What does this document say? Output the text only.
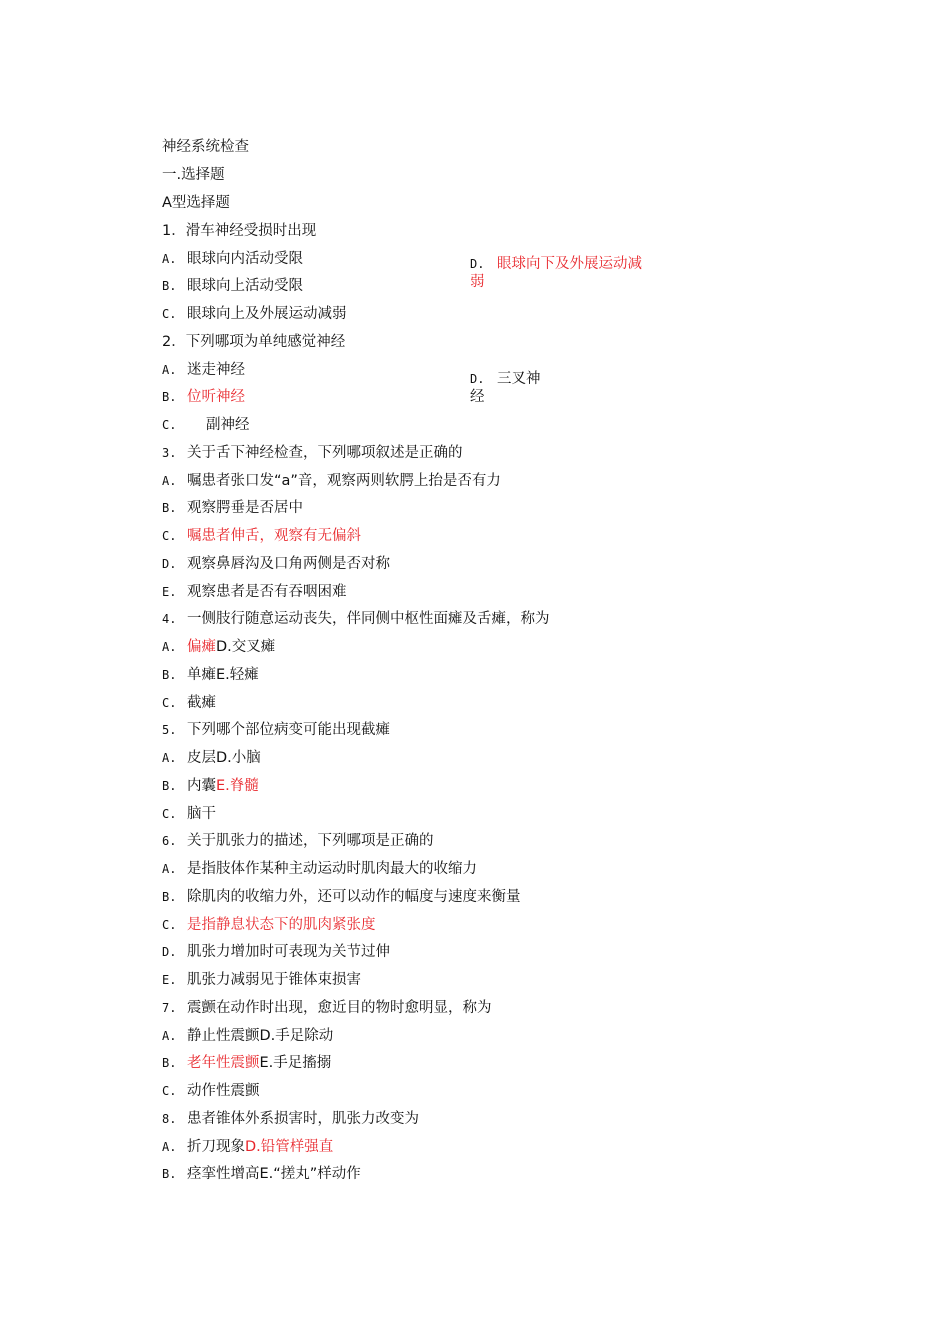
神经系统检查
一.选择题
A型选择题
1．滑车神经受损时出现
A. 眼球向内活动受限
B. 眼球向上活动受限
C. 眼球向上及外展运动减弱
D. 眼球向下及外展运动减
弱
2．下列哪项为单纯感觉神经
A. 迷走神经
B. 位听神经
C. 副神经
D. 三叉神
经
3. 关于舌下神经检查，下列哪项叙述是正确的
A. 嘱患者张口发“a”音，观察两则软腭上抬是否有力
B. 观察腭垂是否居中
C. 嘱患者伸舌，观察有无偏斜
D. 观察鼻唇沟及口角两侧是否对称
E. 观察患者是否有吞咽困难
4. 一侧肢行随意运动丧失，伴同侧中枢性面瘫及舌瘫，称为
A. 偏瘫D.交叉瘫
B. 单瘫E.轻瘫
C. 截瘫
5. 下列哪个部位病变可能出现截瘫
A. 皮层D.小脑
B. 内囊E.脊髓
C. 脑干
6. 关于肌张力的描述，下列哪项是正确的
A. 是指肢体作某种主动运动时肌肉最大的收缩力
B. 除肌肉的收缩力外，还可以动作的幅度与速度来衡量
C. 是指静息状态下的肌肉紧张度
D. 肌张力增加时可表现为关节过伸
E. 肌张力减弱见于锥体束损害
7. 震颤在动作时出现，愈近目的物时愈明显，称为
A. 静止性震颤D.手足除动
B. 老年性震颤E.手足搐搦
C. 动作性震颤
8. 患者锥体外系损害时，肌张力改变为
A. 折刀现象D.铅管样强直
B. 痉挛性增高E.“搓丸”样动作
